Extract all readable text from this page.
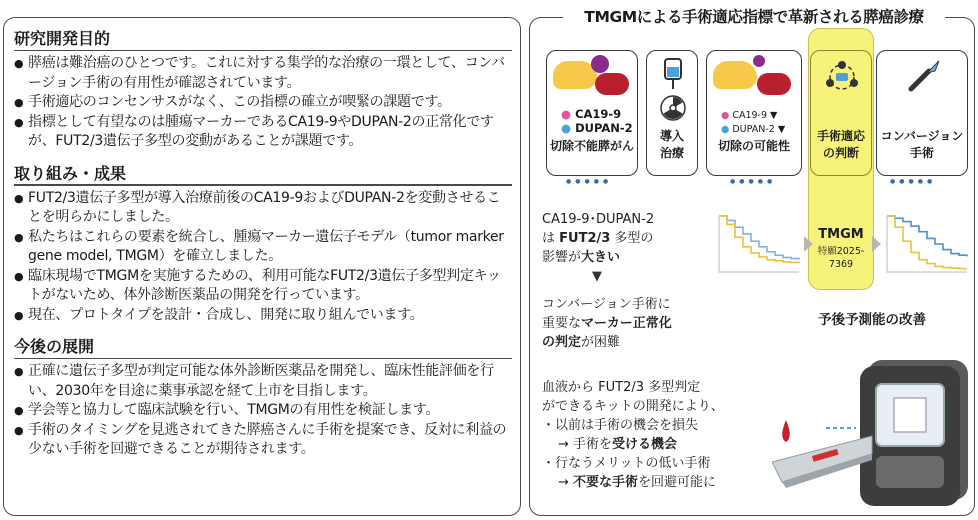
研究開発目的
● 膵癌は難治癌のひとつです。これに対する集学的な治療の一環として、コンバージョン手術の有用性が確認されています。
● 手術適応のコンセンサスがなく、この指標の確立が喫緊の課題です。
● 指標として有望なのは腫瘍マーカーであるCA19-9やDUPAN-2の正常化ですが、FUT2/3遺伝子多型の変動があることが課題です。
取り組み・成果
● FUT2/3遺伝子多型が導入治療前後のCA19-9およびDUPAN-2を変動させることを明らかにしました。
● 私たちはこれらの要素を統合し、腫瘍マーカー遺伝子モデル（tumor marker gene model, TMGM）を確立しました。
● 臨床現場でTMGMを実施するための、利用可能なFUT2/3遺伝子多型判定キットがないため、体外診断医薬品の開発を行っています。
● 現在、プロトタイプを設計・合成し、開発に取り組んでいます。
今後の展開
● 正確に遺伝子多型が判定可能な体外診断医薬品を開発し、臨床性能評価を行い、2030年を目途に薬事承認を経て上市を目指します。
● 学会等と協力して臨床試験を行い、TMGMの有用性を検証します。
● 手術のタイミングを見逃されてきた膵癌さんに手術を提案でき、反対に利益の少ない手術を回避できることが期待されます。
TMGMによる手術適応指標で革新される膵癌診療
● CA19-9
● DUPAN-2
切除不能膵がん
導入
治療
● CA19-9 ▼
● DUPAN-2 ▼
切除の可能性
手術適応
の判断
コンバージョン
手術
●●●●●	●●●●●	●●●●●
CA19-9･DUPAN-2
は FUT2/3 多型の
影響が大きい
▼
コンバージョン手術に
重要なマーカー正常化
の判定が困難
TMGM
特願2025-
7369
予後予測能の改善
血液から FUT2/3 多型判定
ができるキットの開発により、
・以前は手術の機会を損失
→ 手術を受ける機会
・行なうメリットの低い手術
→ 不要な手術を回避可能に
